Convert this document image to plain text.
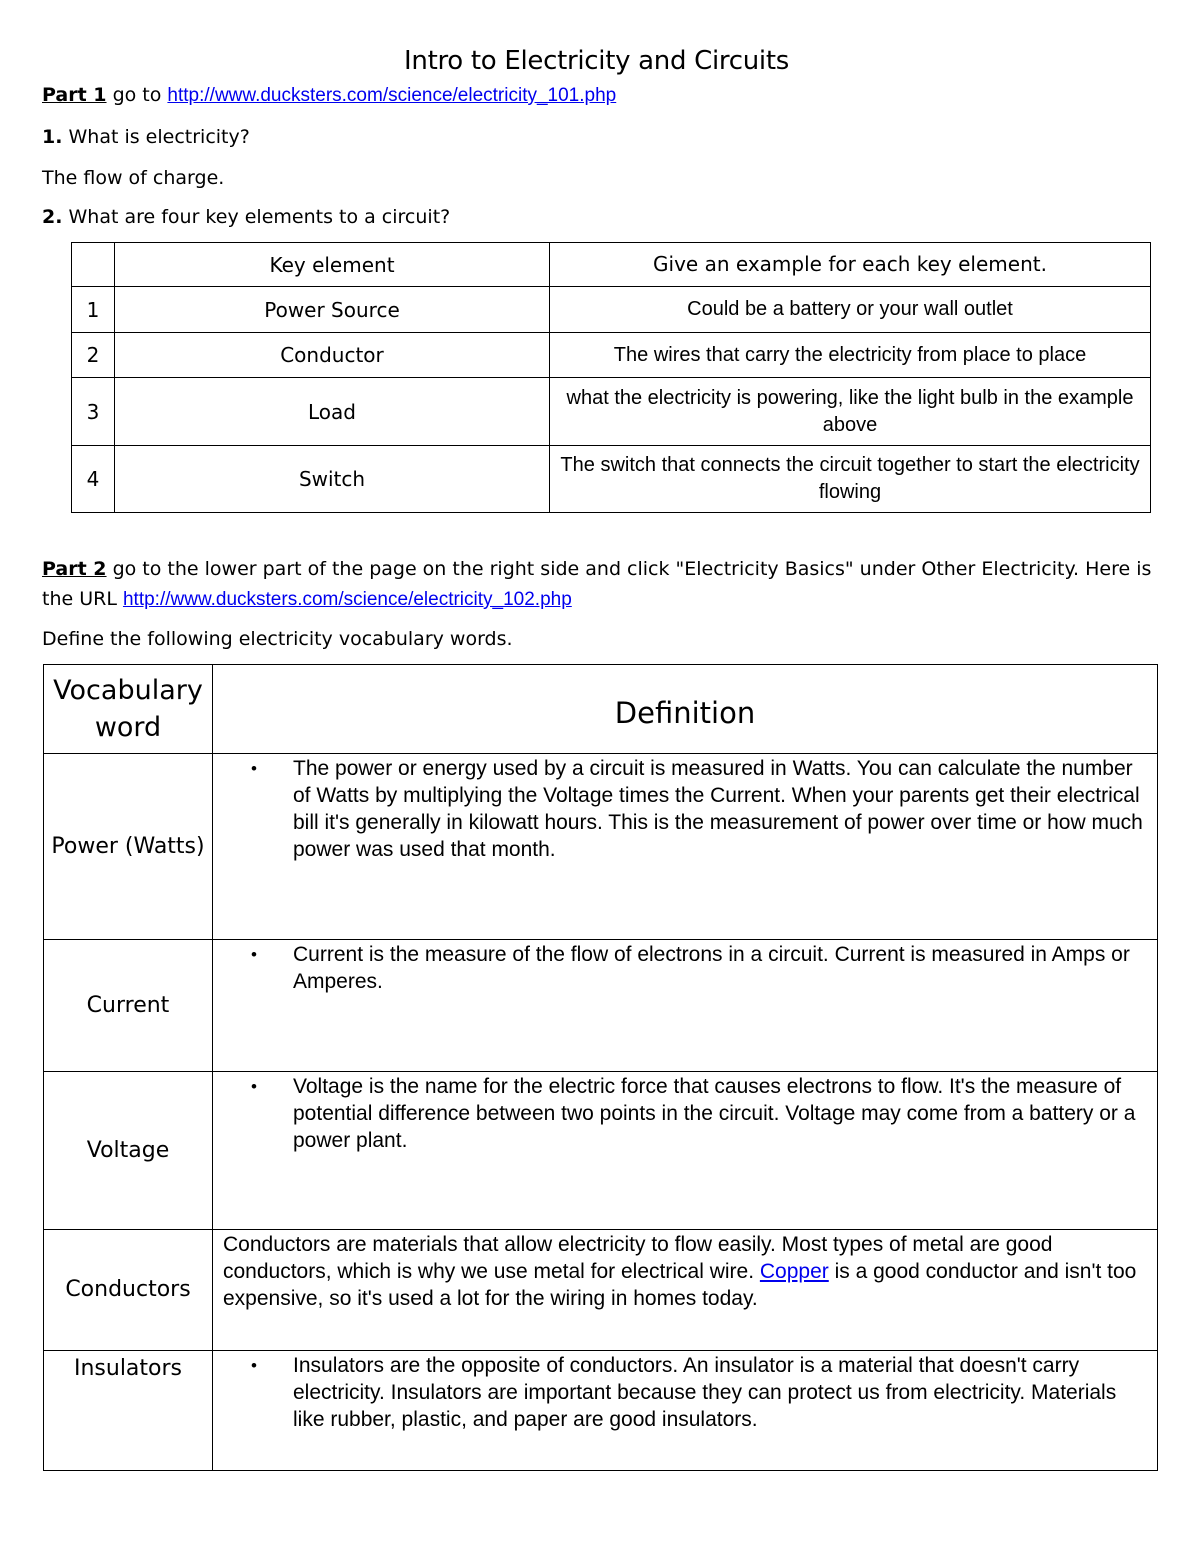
Intro to Electricity and Circuits
Part 1 go to http://www.ducksters.com/science/electricity_101.php
1. What is electricity?
The flow of charge.
2. What are four key elements to a circuit?
	Key element	Give an example for each key element.
1	Power Source	Could be a battery or your wall outlet
2	Conductor	The wires that carry the electricity from place to place
3	Load	what the electricity is powering, like the light bulb in the example above
4	Switch	The switch that connects the circuit together to start the electricity flowing
Part 2 go to the lower part of the page on the right side and click "Electricity Basics" under Other Electricity. Here is
the URL http://www.ducksters.com/science/electricity_102.php
Define the following electricity vocabulary words.
Vocabulary word	Definition
Power (Watts)	• The power or energy used by a circuit is measured in Watts. You can calculate the number of Watts by multiplying the Voltage times the Current. When your parents get their electrical bill it's generally in kilowatt hours. This is the measurement of power over time or how much power was used that month.

Current	• Current is the measure of the flow of electrons in a circuit. Current is measured in Amps or Amperes.

Voltage	• Voltage is the name for the electric force that causes electrons to flow. It's the measure of potential difference between two points in the circuit. Voltage may come from a battery or a power plant.

Conductors	Conductors are materials that allow electricity to flow easily. Most types of metal are good conductors, which is why we use metal for electrical wire. Copper is a good conductor and isn't too expensive, so it's used a lot for the wiring in homes today.

Insulators	• Insulators are the opposite of conductors. An insulator is a material that doesn't carry electricity. Insulators are important because they can protect us from electricity. Materials like rubber, plastic, and paper are good insulators.
